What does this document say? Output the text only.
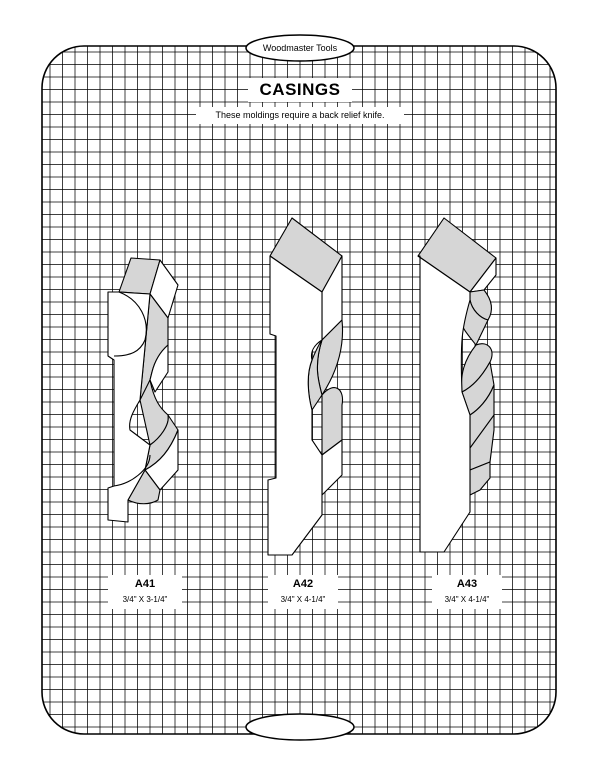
Woodmaster Tools
CASINGS
These moldings require a back relief knife.
A41
3/4" X 3-1/4"
A42
3/4" X 4-1/4"
A43
3/4" X 4-1/4"
